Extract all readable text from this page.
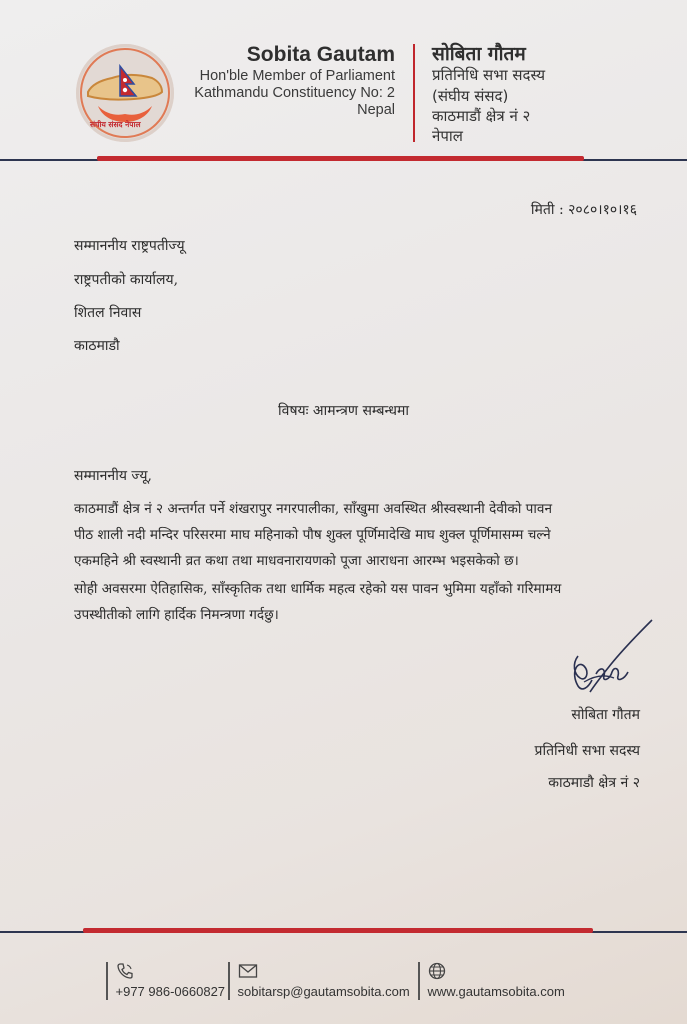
संघीय संसद नेपाल
Sobita Gautam
Hon'ble Member of Parliament
Kathmandu Constituency No: 2
Nepal
सोबिता गौतम
प्रतिनिधि सभा सदस्य
(संघीय संसद)
काठमाडौं क्षेत्र नं २
नेपाल
मिती : २०८०।१०।१६
सम्माननीय राष्ट्रपतीज्यू
राष्ट्रपतीको कार्यालय,
शितल निवास
काठमाडौ
विषयः आमन्त्रण सम्बन्धमा
सम्माननीय ज्यू,
काठमाडौं क्षेत्र नं २ अन्तर्गत पर्ने शंखरापुर नगरपालीका, साँखुमा अवस्थित श्रीस्वस्थानी देवीको पावन
पीठ शाली नदी मन्दिर परिसरमा माघ महिनाको पौष शुक्ल पूर्णिमादेखि माघ शुक्ल पूर्णिमासम्म चल्ने
एकमहिने श्री स्वस्थानी व्रत कथा तथा माधवनारायणको पूजा आराधना आरम्भ भइसकेको छ।
सोही अवसरमा ऐतिहासिक, साँस्कृतिक तथा धार्मिक महत्व रहेको यस पावन भुमिमा यहाँको गरिमामय
उपस्थीतीको लागि हार्दिक निमन्त्रणा गर्दछु।
सोबिता गौतम
प्रतिनिधी सभा सदस्य
काठमाडौ क्षेत्र नं २
+977 986-0660827 sobitarsp@gautamsobita.com www.gautamsobita.com
